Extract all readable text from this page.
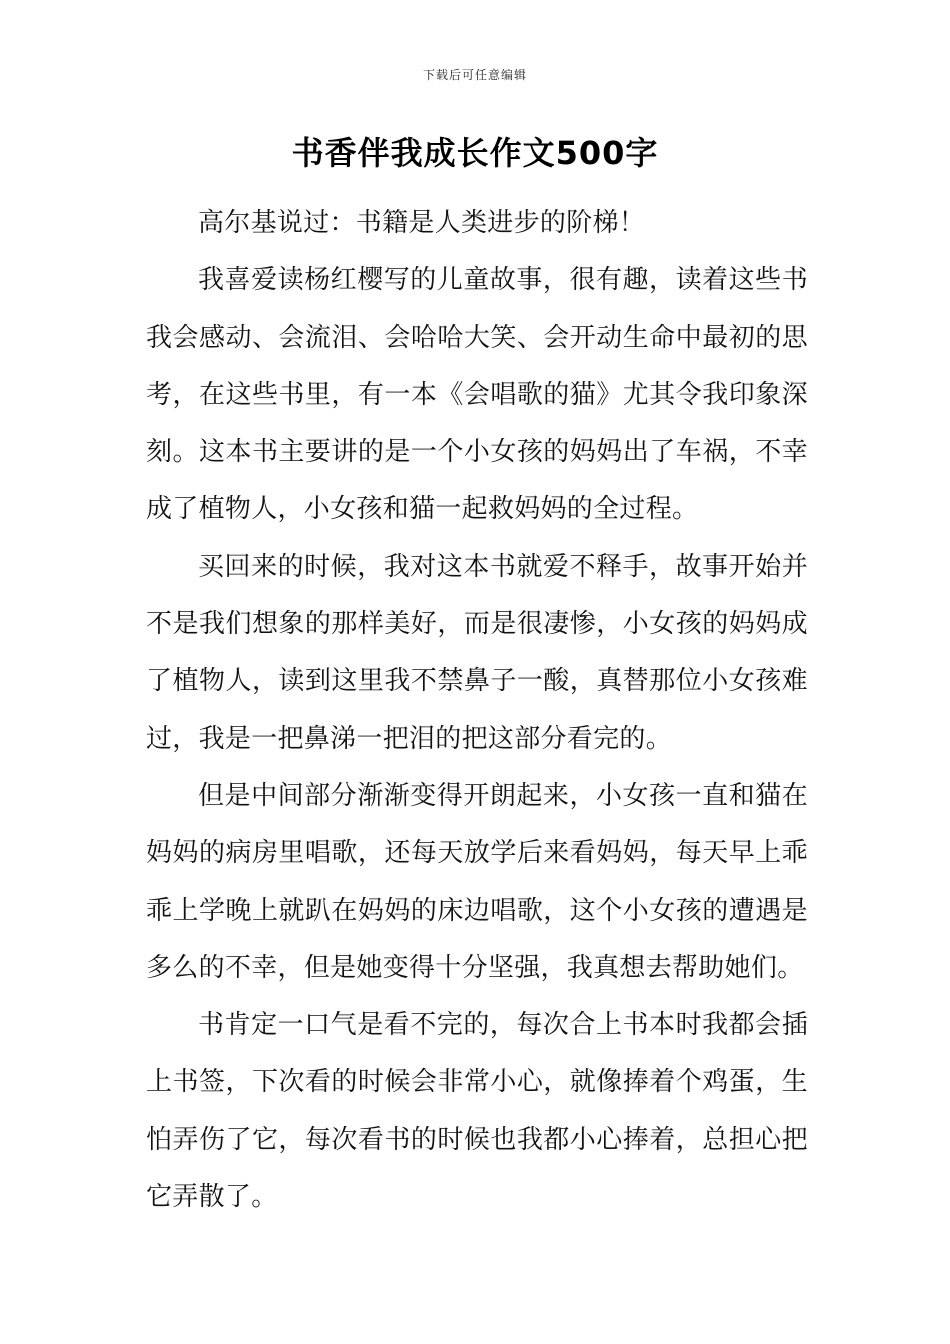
下载后可任意编辑
书香伴我成长作文500字

高尔基说过：书籍是人类进步的阶梯！

我喜爱读杨红樱写的儿童故事，很有趣，读着这些书我会感动、会流泪、会哈哈大笑、会开动生命中最初的思考，在这些书里，有一本《会唱歌的猫》尤其令我印象深刻。这本书主要讲的是一个小女孩的妈妈出了车祸，不幸成了植物人，小女孩和猫一起救妈妈的全过程。

买回来的时候，我对这本书就爱不释手，故事开始并不是我们想象的那样美好，而是很凄惨，小女孩的妈妈成了植物人，读到这里我不禁鼻子一酸，真替那位小女孩难过，我是一把鼻涕一把泪的把这部分看完的。

但是中间部分渐渐变得开朗起来，小女孩一直和猫在妈妈的病房里唱歌，还每天放学后来看妈妈，每天早上乖乖上学晚上就趴在妈妈的床边唱歌，这个小女孩的遭遇是多么的不幸，但是她变得十分坚强，我真想去帮助她们。

书肯定一口气是看不完的，每次合上书本时我都会插上书签，下次看的时候会非常小心，就像捧着个鸡蛋，生怕弄伤了它，每次看书的时候也我都小心捧着，总担心把它弄散了。
